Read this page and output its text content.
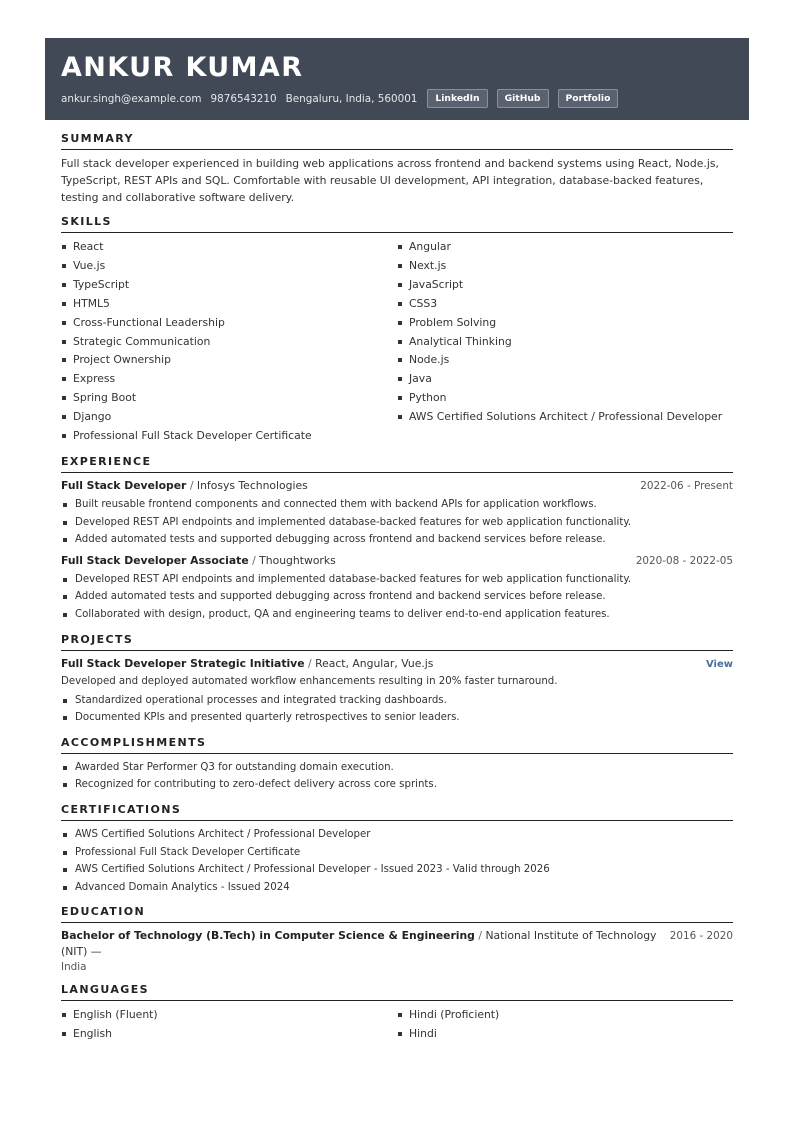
ANKUR KUMAR
ankur.singh@example.com 9876543210 Bengaluru, India, 560001	LinkedIn	GitHub	Portfolio
SUMMARY
Full stack developer experienced in building web applications across frontend and backend systems using React, Node.js, TypeScript, REST APIs and SQL. Comfortable with reusable UI development, API integration, database-backed features, testing and collaborative software delivery.
SKILLS
React
Vue.js
TypeScript
HTML5
Cross-Functional Leadership
Strategic Communication
Project Ownership
Express
Spring Boot
Django
Professional Full Stack Developer Certificate
Angular
Next.js
JavaScript
CSS3
Problem Solving
Analytical Thinking
Node.js
Java
Python
AWS Certified Solutions Architect / Professional Developer
EXPERIENCE
Full Stack Developer / Infosys Technologies	2022-06 - Present
Built reusable frontend components and connected them with backend APIs for application workflows.
Developed REST API endpoints and implemented database-backed features for web application functionality.
Added automated tests and supported debugging across frontend and backend services before release.
Full Stack Developer Associate / Thoughtworks	2020-08 - 2022-05
Developed REST API endpoints and implemented database-backed features for web application functionality.
Added automated tests and supported debugging across frontend and backend services before release.
Collaborated with design, product, QA and engineering teams to deliver end-to-end application features.
PROJECTS
Full Stack Developer Strategic Initiative / React, Angular, Vue.js	View
Developed and deployed automated workflow enhancements resulting in 20% faster turnaround.
Standardized operational processes and integrated tracking dashboards.
Documented KPIs and presented quarterly retrospectives to senior leaders.
ACCOMPLISHMENTS
Awarded Star Performer Q3 for outstanding domain execution.
Recognized for contributing to zero-defect delivery across core sprints.
CERTIFICATIONS
AWS Certified Solutions Architect / Professional Developer
Professional Full Stack Developer Certificate
AWS Certified Solutions Architect / Professional Developer - Issued 2023 - Valid through 2026
Advanced Domain Analytics - Issued 2024
EDUCATION
Bachelor of Technology (B.Tech) in Computer Science & Engineering / National Institute of Technology (NIT) —
2016 - 2020
India
LANGUAGES
English (Fluent)
English
Hindi (Proficient)
Hindi
